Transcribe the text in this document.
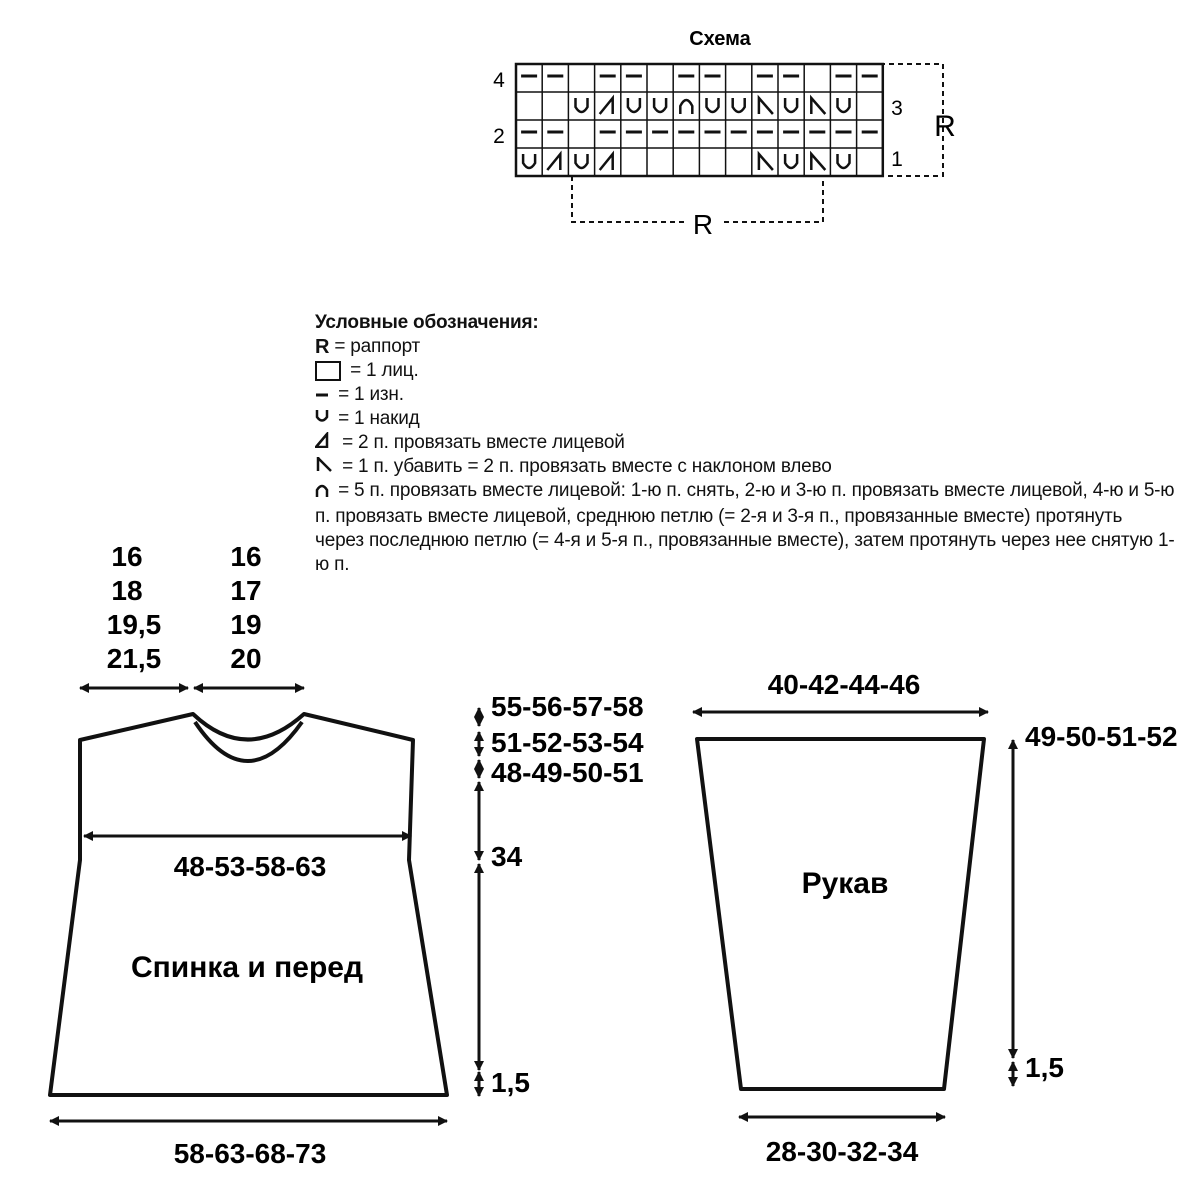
Схема
R
R
4
2
3
1
16
18
19,5
21,5
16
17
19
20
48-53-58-63
Спинка и перед
58-63-68-73
55-56-57-58
51-52-53-54
48-49-50-51
34
1,5
40-42-44-46
Рукав
28-30-32-34
49-50-51-52
1,5
Условные обозначения:
R = раппорт
= 1 лиц.
= 1 изн.
= 1 накид
= 2 п. провязать вместе лицевой
= 1 п. убавить = 2 п. провязать вместе с наклоном влево
= 5 п. провязать вместе лицевой: 1-ю п. снять, 2-ю и 3-ю п. провязать вместе лицевой, 4-ю и 5-ю п. провязать вместе лицевой, среднюю петлю (= 2-я и 3-я п., провязанные вместе) протянуть через последнюю петлю (= 4-я и 5-я п., провязанные вместе), затем протянуть через нее снятую 1-ю п.
